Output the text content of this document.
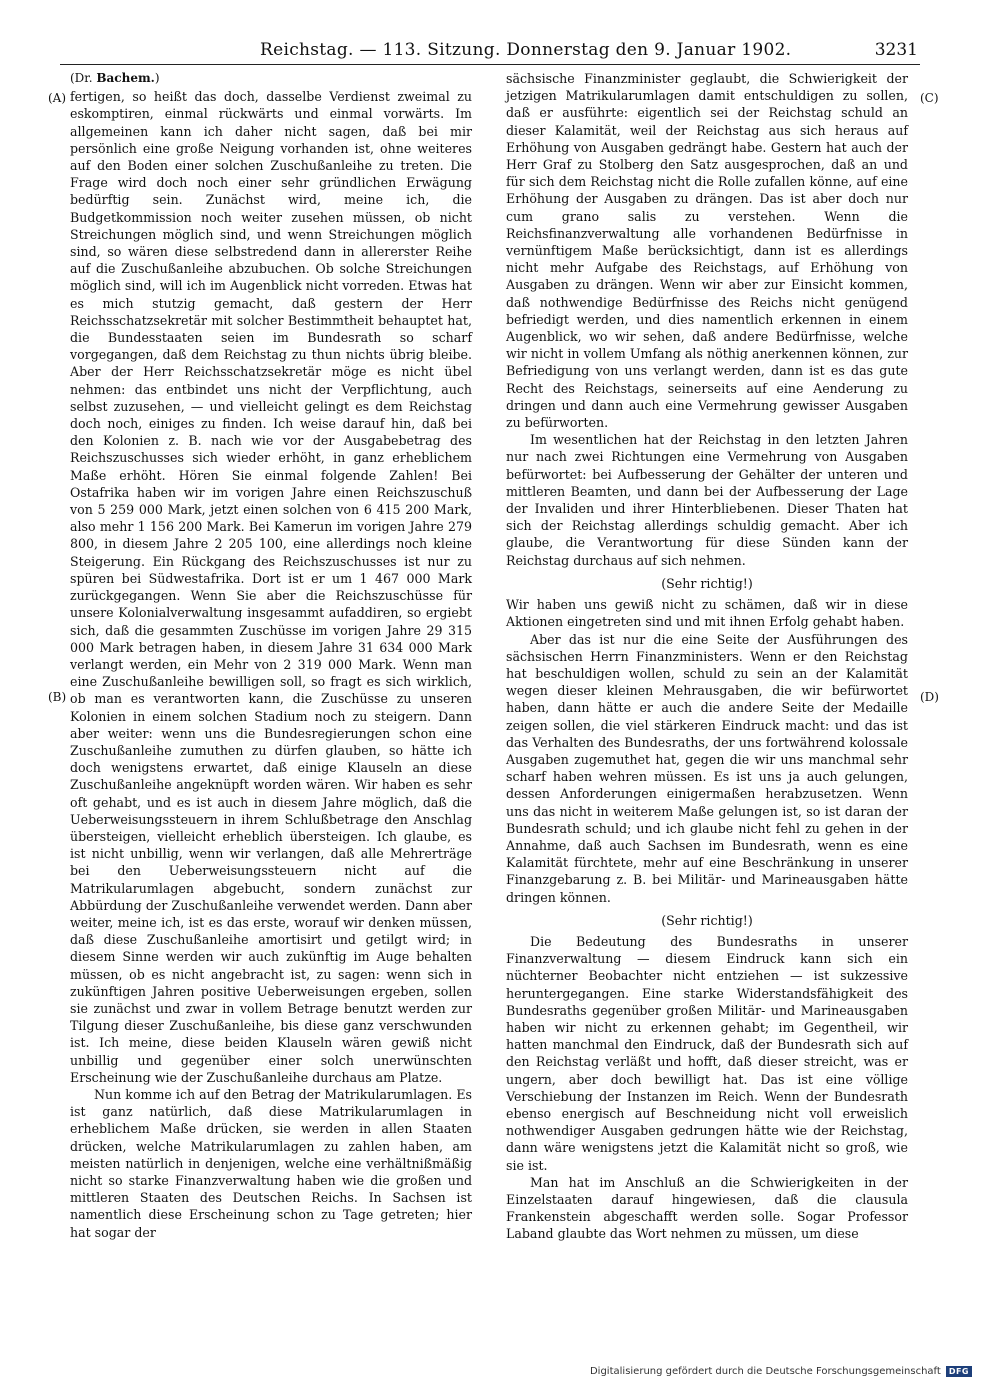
Reichstag. — 113. Sitzung. Donnerstag den 9. Januar 1902.	3231
(A)
(B)
(C)
(D)
(Dr. Bachem.)

fertigen, so heißt das doch, dasselbe Verdienst zweimal zu eskomptiren, einmal rückwärts und einmal vorwärts. Im allgemeinen kann ich daher nicht sagen, daß bei mir persönlich eine große Neigung vorhanden ist, ohne weiteres auf den Boden einer solchen Zuschußanleihe zu treten. Die Frage wird doch noch einer sehr gründlichen Erwägung bedürftig sein. Zunächst wird, meine ich, die Budgetkommission noch weiter zusehen müssen, ob nicht Streichungen möglich sind, und wenn Streichungen möglich sind, so wären diese selbstredend dann in allererster Reihe auf die Zuschußanleihe abzubuchen. Ob solche Streichungen möglich sind, will ich im Augenblick nicht vorreden. Etwas hat es mich stutzig gemacht, daß gestern der Herr Reichsschatzsekretär mit solcher Bestimmtheit behauptet hat, die Bundesstaaten seien im Bundesrath so scharf vorgegangen, daß dem Reichstag zu thun nichts übrig bleibe. Aber der Herr Reichsschatzsekretär möge es nicht übel nehmen: das entbindet uns nicht der Verpflichtung, auch selbst zuzusehen, — und vielleicht gelingt es dem Reichstag doch noch, einiges zu finden. Ich weise darauf hin, daß bei den Kolonien z. B. nach wie vor der Ausgabebetrag des Reichszuschusses sich wieder erhöht, in ganz erheblichem Maße erhöht. Hören Sie einmal folgende Zahlen! Bei Ostafrika haben wir im vorigen Jahre einen Reichszuschuß von 5 259 000 Mark, jetzt einen solchen von 6 415 200 Mark, also mehr 1 156 200 Mark. Bei Kamerun im vorigen Jahre 279 800, in diesem Jahre 2 205 100, eine allerdings noch kleine Steigerung. Ein Rückgang des Reichszuschusses ist nur zu spüren bei Südwestafrika. Dort ist er um 1 467 000 Mark zurückgegangen. Wenn Sie aber die Reichszuschüsse für unsere Kolonialverwaltung insgesammt aufaddiren, so ergiebt sich, daß die gesammten Zuschüsse im vorigen Jahre 29 315 000 Mark betragen haben, in diesem Jahre 31 634 000 Mark verlangt werden, ein Mehr von 2 319 000 Mark. Wenn man eine Zuschußanleihe bewilligen soll, so fragt es sich wirklich, ob man es verantworten kann, die Zuschüsse zu unseren Kolonien in einem solchen Stadium noch zu steigern. Dann aber weiter: wenn uns die Bundesregierungen schon eine Zuschußanleihe zumuthen zu dürfen glauben, so hätte ich doch wenigstens erwartet, daß einige Klauseln an diese Zuschußanleihe angeknüpft worden wären. Wir haben es sehr oft gehabt, und es ist auch in diesem Jahre möglich, daß die Ueberweisungssteuern in ihrem Schlußbetrage den Anschlag übersteigen, vielleicht erheblich übersteigen. Ich glaube, es ist nicht unbillig, wenn wir verlangen, daß alle Mehrerträge bei den Ueberweisungssteuern nicht auf die Matrikularumlagen abgebucht, sondern zunächst zur Abbürdung der Zuschußanleihe verwendet werden. Dann aber weiter, meine ich, ist es das erste, worauf wir denken müssen, daß diese Zuschußanleihe amortisirt und getilgt wird; in diesem Sinne werden wir auch zukünftig im Auge behalten müssen, ob es nicht angebracht ist, zu sagen: wenn sich in zukünftigen Jahren positive Ueberweisungen ergeben, sollen sie zunächst und zwar in vollem Betrage benutzt werden zur Tilgung dieser Zuschußanleihe, bis diese ganz verschwunden ist. Ich meine, diese beiden Klauseln wären gewiß nicht unbillig und gegenüber einer solch unerwünschten Erscheinung wie der Zuschußanleihe durchaus am Platze.

Nun komme ich auf den Betrag der Matrikularumlagen. Es ist ganz natürlich, daß diese Matrikularumlagen in erheblichem Maße drücken, sie werden in allen Staaten drücken, welche Matrikularumlagen zu zahlen haben, am meisten natürlich in denjenigen, welche eine verhältnißmäßig nicht so starke Finanzverwaltung haben wie die großen und mittleren Staaten des Deutschen Reichs. In Sachsen ist namentlich diese Erscheinung schon zu Tage getreten; hier hat sogar der

sächsische Finanzminister geglaubt, die Schwierigkeit der jetzigen Matrikularumlagen damit entschuldigen zu sollen, daß er ausführte: eigentlich sei der Reichstag schuld an dieser Kalamität, weil der Reichstag aus sich heraus auf Erhöhung von Ausgaben gedrängt habe. Gestern hat auch der Herr Graf zu Stolberg den Satz ausgesprochen, daß an und für sich dem Reichstag nicht die Rolle zufallen könne, auf eine Erhöhung der Ausgaben zu drängen. Das ist aber doch nur cum grano salis zu verstehen. Wenn die Reichsfinanzverwaltung alle vorhandenen Bedürfnisse in vernünftigem Maße berücksichtigt, dann ist es allerdings nicht mehr Aufgabe des Reichstags, auf Erhöhung von Ausgaben zu drängen. Wenn wir aber zur Einsicht kommen, daß nothwendige Bedürfnisse des Reichs nicht genügend befriedigt werden, und dies namentlich erkennen in einem Augenblick, wo wir sehen, daß andere Bedürfnisse, welche wir nicht in vollem Umfang als nöthig anerkennen können, zur Befriedigung von uns verlangt werden, dann ist es das gute Recht des Reichstags, seinerseits auf eine Aenderung zu dringen und dann auch eine Vermehrung gewisser Ausgaben zu befürworten.

Im wesentlichen hat der Reichstag in den letzten Jahren nur nach zwei Richtungen eine Vermehrung von Ausgaben befürwortet: bei Aufbesserung der Gehälter der unteren und mittleren Beamten, und dann bei der Aufbesserung der Lage der Invaliden und ihrer Hinterbliebenen. Dieser Thaten hat sich der Reichstag allerdings schuldig gemacht. Aber ich glaube, die Verantwortung für diese Sünden kann der Reichstag durchaus auf sich nehmen.

(Sehr richtig!)

Wir haben uns gewiß nicht zu schämen, daß wir in diese Aktionen eingetreten sind und mit ihnen Erfolg gehabt haben.

Aber das ist nur die eine Seite der Ausführungen des sächsischen Herrn Finanzministers. Wenn er den Reichstag hat beschuldigen wollen, schuld zu sein an der Kalamität wegen dieser kleinen Mehrausgaben, die wir befürwortet haben, dann hätte er auch die andere Seite der Medaille zeigen sollen, die viel stärkeren Eindruck macht: und das ist das Verhalten des Bundesraths, der uns fortwährend kolossale Ausgaben zugemuthet hat, gegen die wir uns manchmal sehr scharf haben wehren müssen. Es ist uns ja auch gelungen, dessen Anforderungen einigermaßen herabzusetzen. Wenn uns das nicht in weiterem Maße gelungen ist, so ist daran der Bundesrath schuld; und ich glaube nicht fehl zu gehen in der Annahme, daß auch Sachsen im Bundesrath, wenn es eine Kalamität fürchtete, mehr auf eine Beschränkung in unserer Finanzgebarung z. B. bei Militär- und Marineausgaben hätte dringen können.

(Sehr richtig!)

Die Bedeutung des Bundesraths in unserer Finanzverwaltung — diesem Eindruck kann sich ein nüchterner Beobachter nicht entziehen — ist sukzessive heruntergegangen. Eine starke Widerstandsfähigkeit des Bundesraths gegenüber großen Militär- und Marineausgaben haben wir nicht zu erkennen gehabt; im Gegentheil, wir hatten manchmal den Eindruck, daß der Bundesrath sich auf den Reichstag verläßt und hofft, daß dieser streicht, was er ungern, aber doch bewilligt hat. Das ist eine völlige Verschiebung der Instanzen im Reich. Wenn der Bundesrath ebenso energisch auf Beschneidung nicht voll erweislich nothwendiger Ausgaben gedrungen hätte wie der Reichstag, dann wäre wenigstens jetzt die Kalamität nicht so groß, wie sie ist.

Man hat im Anschluß an die Schwierigkeiten in der Einzelstaaten darauf hingewiesen, daß die clausula Frankenstein abgeschafft werden solle. Sogar Professor Laband glaubte das Wort nehmen zu müssen, um diese

Digitalisierung gefördert durch die Deutsche Forschungsgemeinschaft	DFG
